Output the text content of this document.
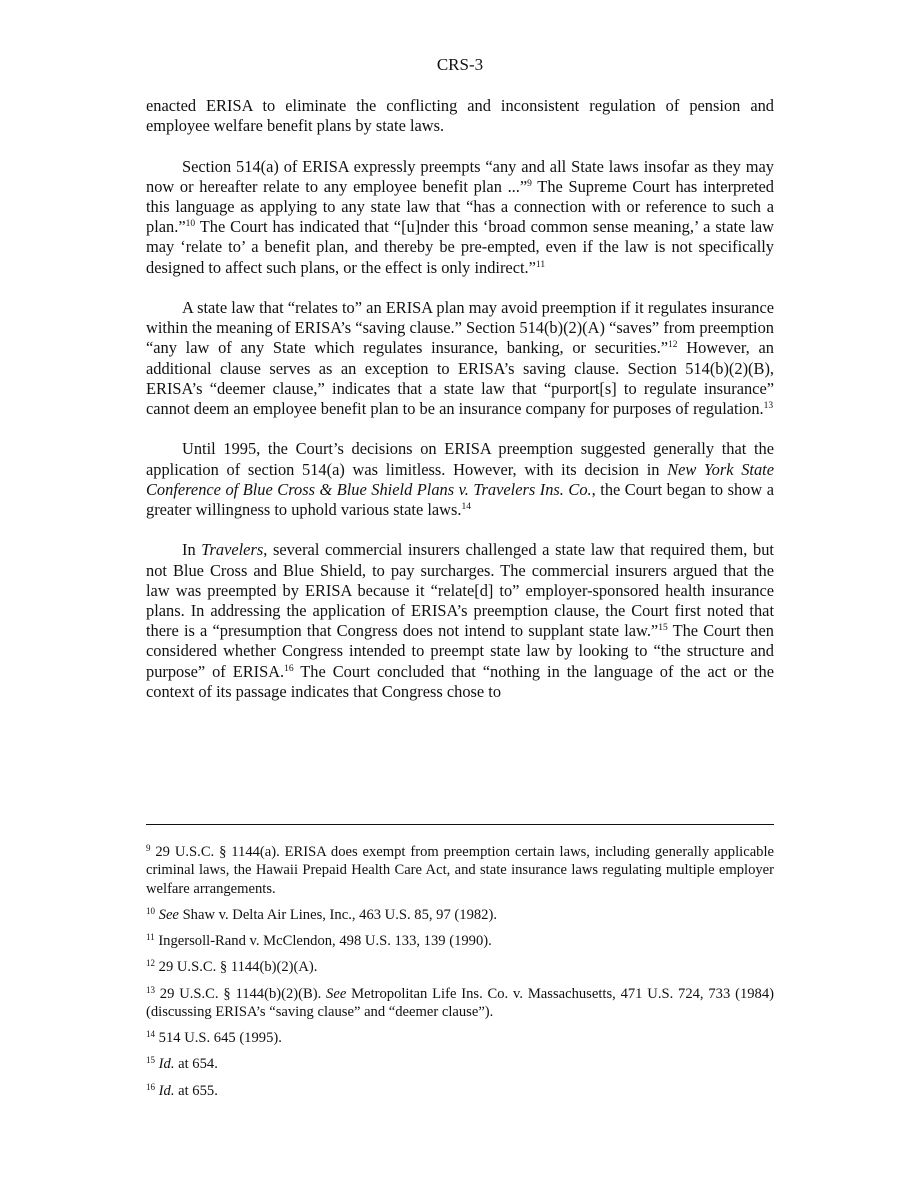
CRS-3

enacted ERISA to eliminate the conflicting and inconsistent regulation of pension and employee welfare benefit plans by state laws.

Section 514(a) of ERISA expressly preempts “any and all State laws insofar as they may now or hereafter relate to any employee benefit plan ...”$^9$ The Supreme Court has interpreted this language as applying to any state law that “has a connection with or reference to such a plan.”$^{10}$ The Court has indicated that “[u]nder this ‘broad common sense meaning,’ a state law may ‘relate to’ a benefit plan, and thereby be pre-empted, even if the law is not specifically designed to affect such plans, or the effect is only indirect.”$^{11}$

A state law that “relates to” an ERISA plan may avoid preemption if it regulates insurance within the meaning of ERISA’s “saving clause.” Section 514(b)(2)(A) “saves” from preemption “any law of any State which regulates insurance, banking, or securities.”$^{12}$ However, an additional clause serves as an exception to ERISA’s saving clause. Section 514(b)(2)(B), ERISA’s “deemer clause,” indicates that a state law that “purport[s] to regulate insurance” cannot deem an employee benefit plan to be an insurance company for purposes of regulation.$^{13}$

Until 1995, the Court’s decisions on ERISA preemption suggested generally that the application of section 514(a) was limitless. However, with its decision in New York State Conference of Blue Cross & Blue Shield Plans v. Travelers Ins. Co., the Court began to show a greater willingness to uphold various state laws.$^{14}$

In Travelers, several commercial insurers challenged a state law that required them, but not Blue Cross and Blue Shield, to pay surcharges. The commercial insurers argued that the law was preempted by ERISA because it “relate[d] to” employer-sponsored health insurance plans. In addressing the application of ERISA’s preemption clause, the Court first noted that there is a “presumption that Congress does not intend to supplant state law.”$^{15}$ The Court then considered whether Congress intended to preempt state law by looking to “the structure and purpose” of ERISA.$^{16}$ The Court concluded that “nothing in the language of the act or the context of its passage indicates that Congress chose to

$^9$ 29 U.S.C. § 1144(a). ERISA does exempt from preemption certain laws, including generally applicable criminal laws, the Hawaii Prepaid Health Care Act, and state insurance laws regulating multiple employer welfare arrangements.
$^{10}$ See Shaw v. Delta Air Lines, Inc., 463 U.S. 85, 97 (1982).
$^{11}$ Ingersoll-Rand v. McClendon, 498 U.S. 133, 139 (1990).
$^{12}$ 29 U.S.C. § 1144(b)(2)(A).
$^{13}$ 29 U.S.C. § 1144(b)(2)(B). See Metropolitan Life Ins. Co. v. Massachusetts, 471 U.S. 724, 733 (1984) (discussing ERISA’s “saving clause” and “deemer clause”).
$^{14}$ 514 U.S. 645 (1995).
$^{15}$ Id. at 654.
$^{16}$ Id. at 655.
